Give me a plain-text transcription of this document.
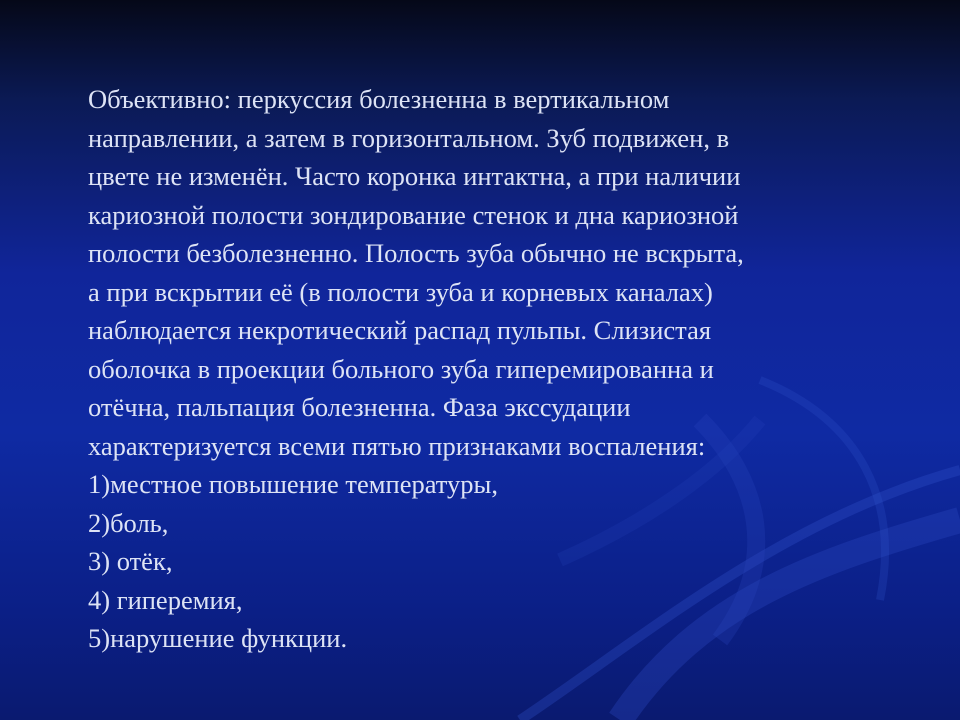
Объективно: перкуссия болезненна в вертикальном
направлении, а затем в горизонтальном. Зуб подвижен, в
цвете не изменён. Часто коронка интактна, а при наличии
кариозной полости зондирование стенок и дна кариозной
полости безболезненно. Полость зуба обычно не вскрыта,
а при вскрытии её (в полости зуба и корневых каналах)
наблюдается некротический распад пульпы. Слизистая
оболочка в проекции больного зуба гиперемированна и
отёчна, пальпация болезненна. Фаза экссудации
характеризуется всеми пятью признаками воспаления:
1)местное повышение температуры,
2)боль,
3) отёк,
4) гиперемия,
5)нарушение функции.
